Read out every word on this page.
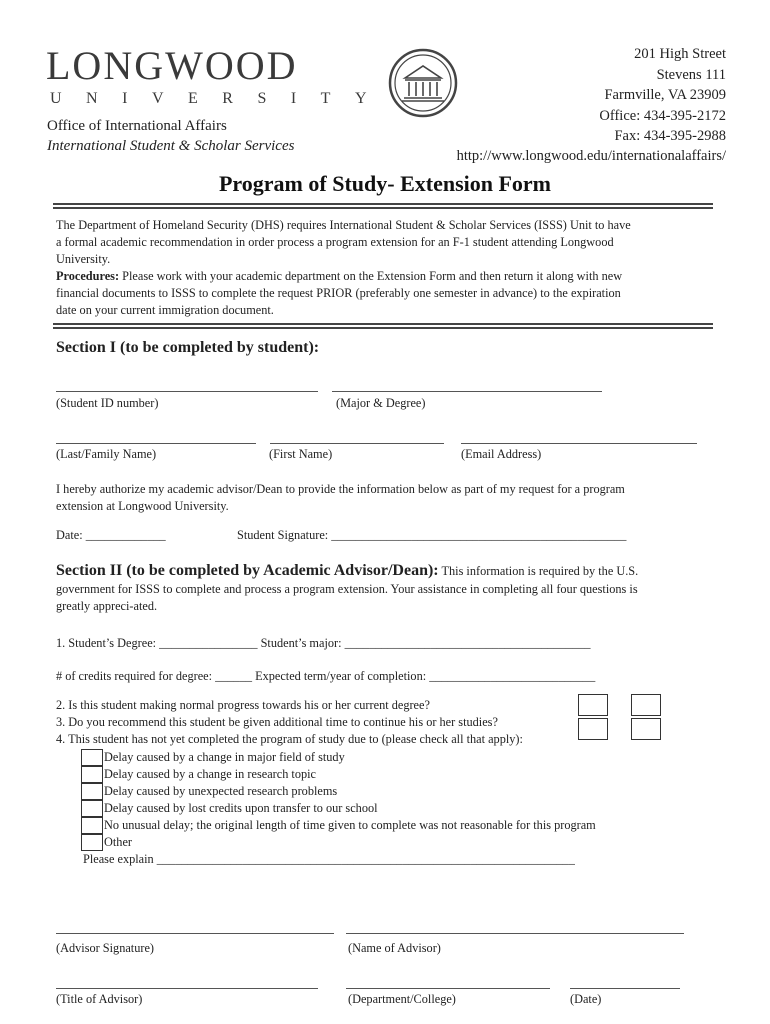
LONGWOOD
UNIVERSITY
Office of International Affairs
International Student & Scholar Services
201 High Street
Stevens 111
Farmville, VA 23909
Office: 434-395-2172
Fax: 434-395-2988
http://www.longwood.edu/internationalaffairs/
Program of Study- Extension Form
The Department of Homeland Security (DHS) requires International Student & Scholar Services (ISSS) Unit to have
a formal academic recommendation in order process a program extension for an F-1 student attending Longwood
University.
Procedures: Please work with your academic department on the Extension Form and then return it along with new
financial documents to ISSS to complete the request PRIOR (preferably one semester in advance) to the expiration
date on your current immigration document.
Section I (to be completed by student):
(Student ID number)	(Major & Degree)
(Last/Family Name)	(First Name)	(Email Address)
I hereby authorize my academic advisor/Dean to provide the information below as part of my request for a program
extension at Longwood University.
Date: _____________	Student Signature: ________________________________________________
Section II (to be completed by Academic Advisor/Dean): This information is required by the U.S.
government for ISSS to complete and process a program extension. Your assistance in completing all four questions is
greatly appreci-ated.
1. Student’s Degree: ________________ Student’s major: ________________________________________
# of credits required for degree: ______ Expected term/year of completion: ___________________________
2. Is this student making normal progress towards his or her current degree?
3. Do you recommend this student be given additional time to continue his or her studies?
4. This student has not yet completed the program of study due to (please check all that apply):
Delay caused by a change in major field of study
Delay caused by a change in research topic
Delay caused by unexpected research problems
Delay caused by lost credits upon transfer to our school
No unusual delay; the original length of time given to complete was not reasonable for this program
Other
Please explain ____________________________________________________________________
(Advisor Signature)	(Name of Advisor)
(Title of Advisor)	(Department/College)	(Date)
